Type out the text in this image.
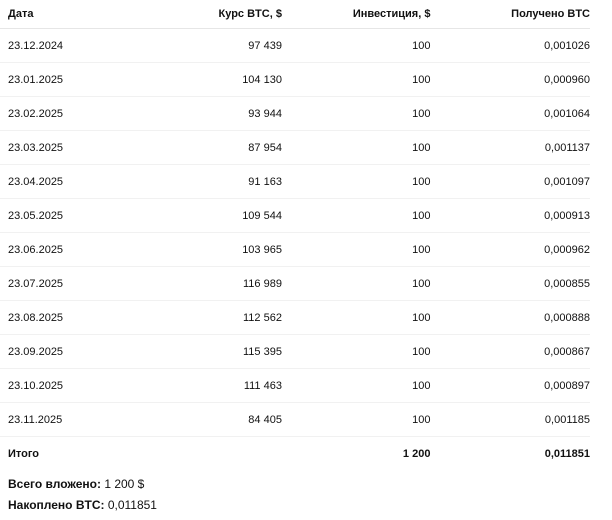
Дата	Курс BTC, $	Инвестиция, $	Получено BTC
23.12.2024	97 439	100	0,001026
23.01.2025	104 130	100	0,000960
23.02.2025	93 944	100	0,001064
23.03.2025	87 954	100	0,001137
23.04.2025	91 163	100	0,001097
23.05.2025	109 544	100	0,000913
23.06.2025	103 965	100	0,000962
23.07.2025	116 989	100	0,000855
23.08.2025	112 562	100	0,000888
23.09.2025	115 395	100	0,000867
23.10.2025	111 463	100	0,000897
23.11.2025	84 405	100	0,001185
Итого		1 200	0,011851
Всего вложено: 1 200 $
Накоплено BTC: 0,011851
